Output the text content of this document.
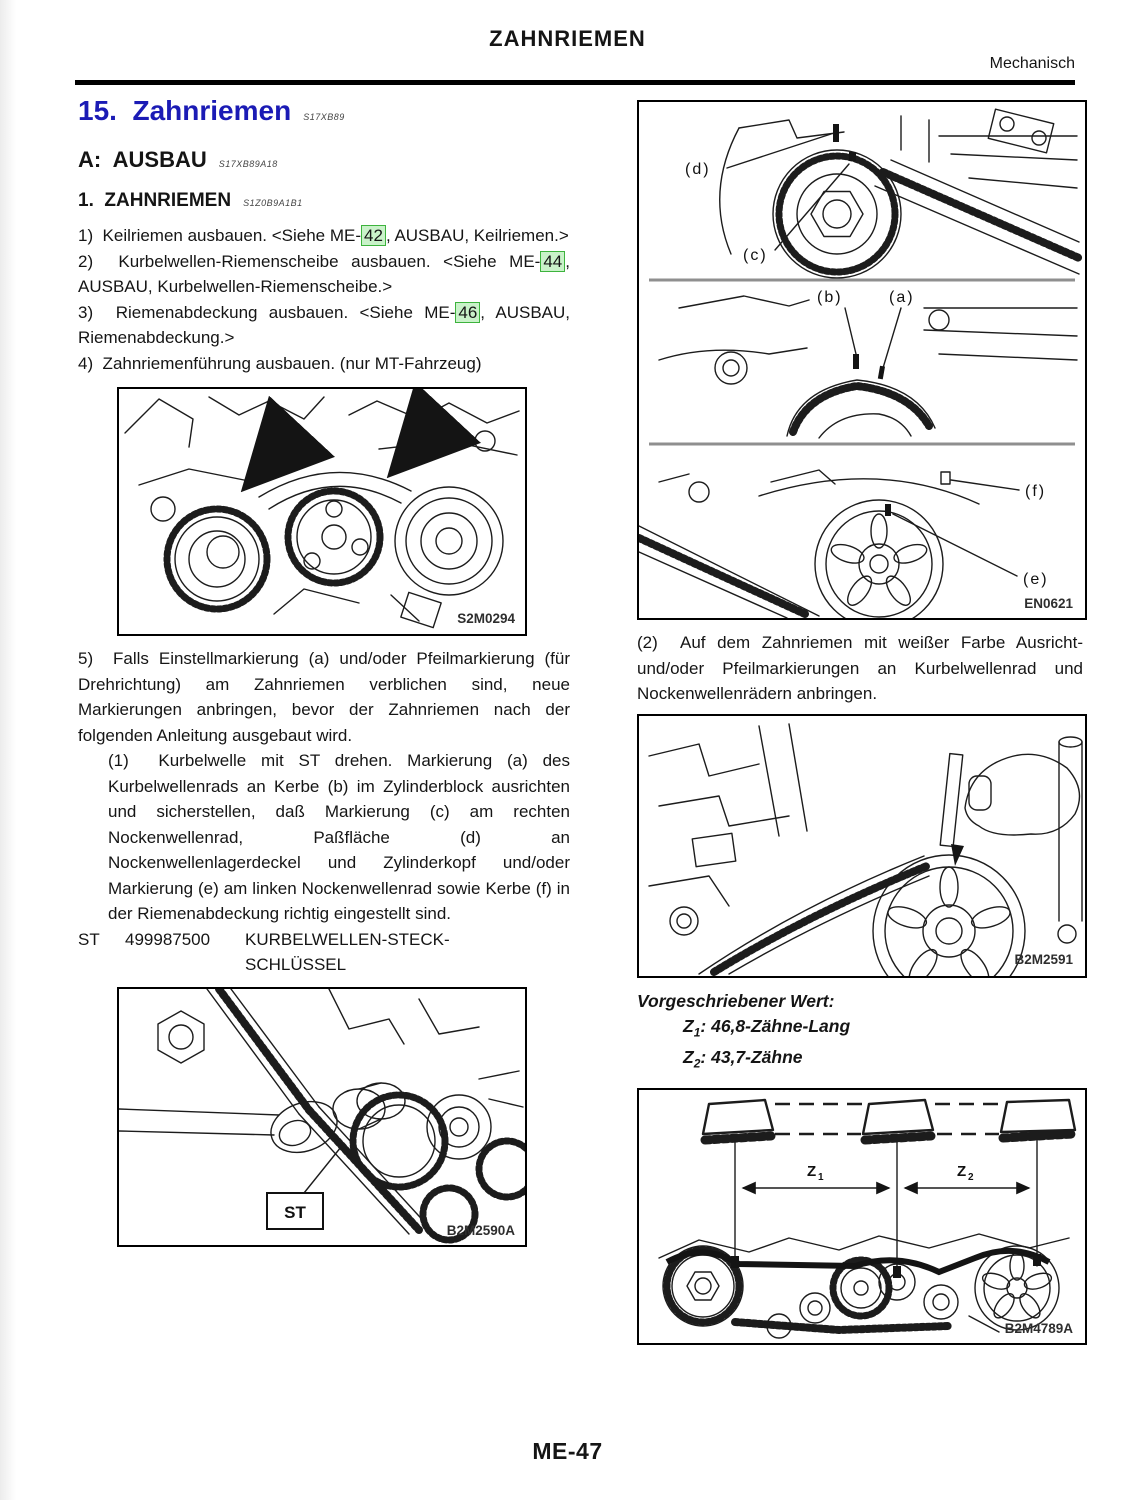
ZAHNRIEMEN
Mechanisch
15.  Zahnriemen S17XB89
A:  AUSBAU S17XB89A18
1.  ZAHNRIEMEN S1Z0B9A1B1

1)  Keilriemen ausbauen. <Siehe ME- 42 , AUSBAU, Keilriemen.>

2)  Kurbelwellen-Riemenscheibe ausbauen. <Siehe ME- 44 , AUSBAU, Kurbelwellen-Riemenscheibe.>

3)  Riemenabdeckung ausbauen. <Siehe ME- 46 , AUSBAU, Riemenabdeckung.>

4)  Zahnriemenführung ausbauen. (nur MT-Fahrzeug)

S2M0294

5)  Falls Einstellmarkierung (a) und/oder Pfeilmarkierung (für Drehrichtung) am Zahnriemen verblichen sind, neue Markierungen anbringen, bevor der Zahnriemen nach der folgenden Anleitung ausgebaut wird.

(1)  Kurbelwelle mit ST drehen. Markierung (a) des Kurbelwellenrads an Kerbe (b) im Zylinderblock ausrichten und sicherstellen, daß Markierung (c) am rechten Nockenwellenrad, Paßfläche (d) an Nockenwellenlagerdeckel und Zylinderkopf und/oder Markierung (e) am linken Nockenwellenrad sowie Kerbe (f) in der Riemenabdeckung richtig eingestellt sind.

ST	499987500	KURBELWELLEN-STECK-
SCHLÜSSEL
ST
B2M2590A
(d)
(c)
(b)	(a)
(f)
(e)
EN0621

(2)  Auf dem Zahnriemen mit weißer Farbe Ausricht- und/oder Pfeilmarkierungen an Kurbelwellenrad und Nockenwellenrädern anbringen.

B2M2591
Vorgeschriebener Wert:
$Z_1$: 46,8-Zähne-Lang
$Z_2$: 43,7-Zähne
Z 1	Z 2
B2M4789A
ME-47
